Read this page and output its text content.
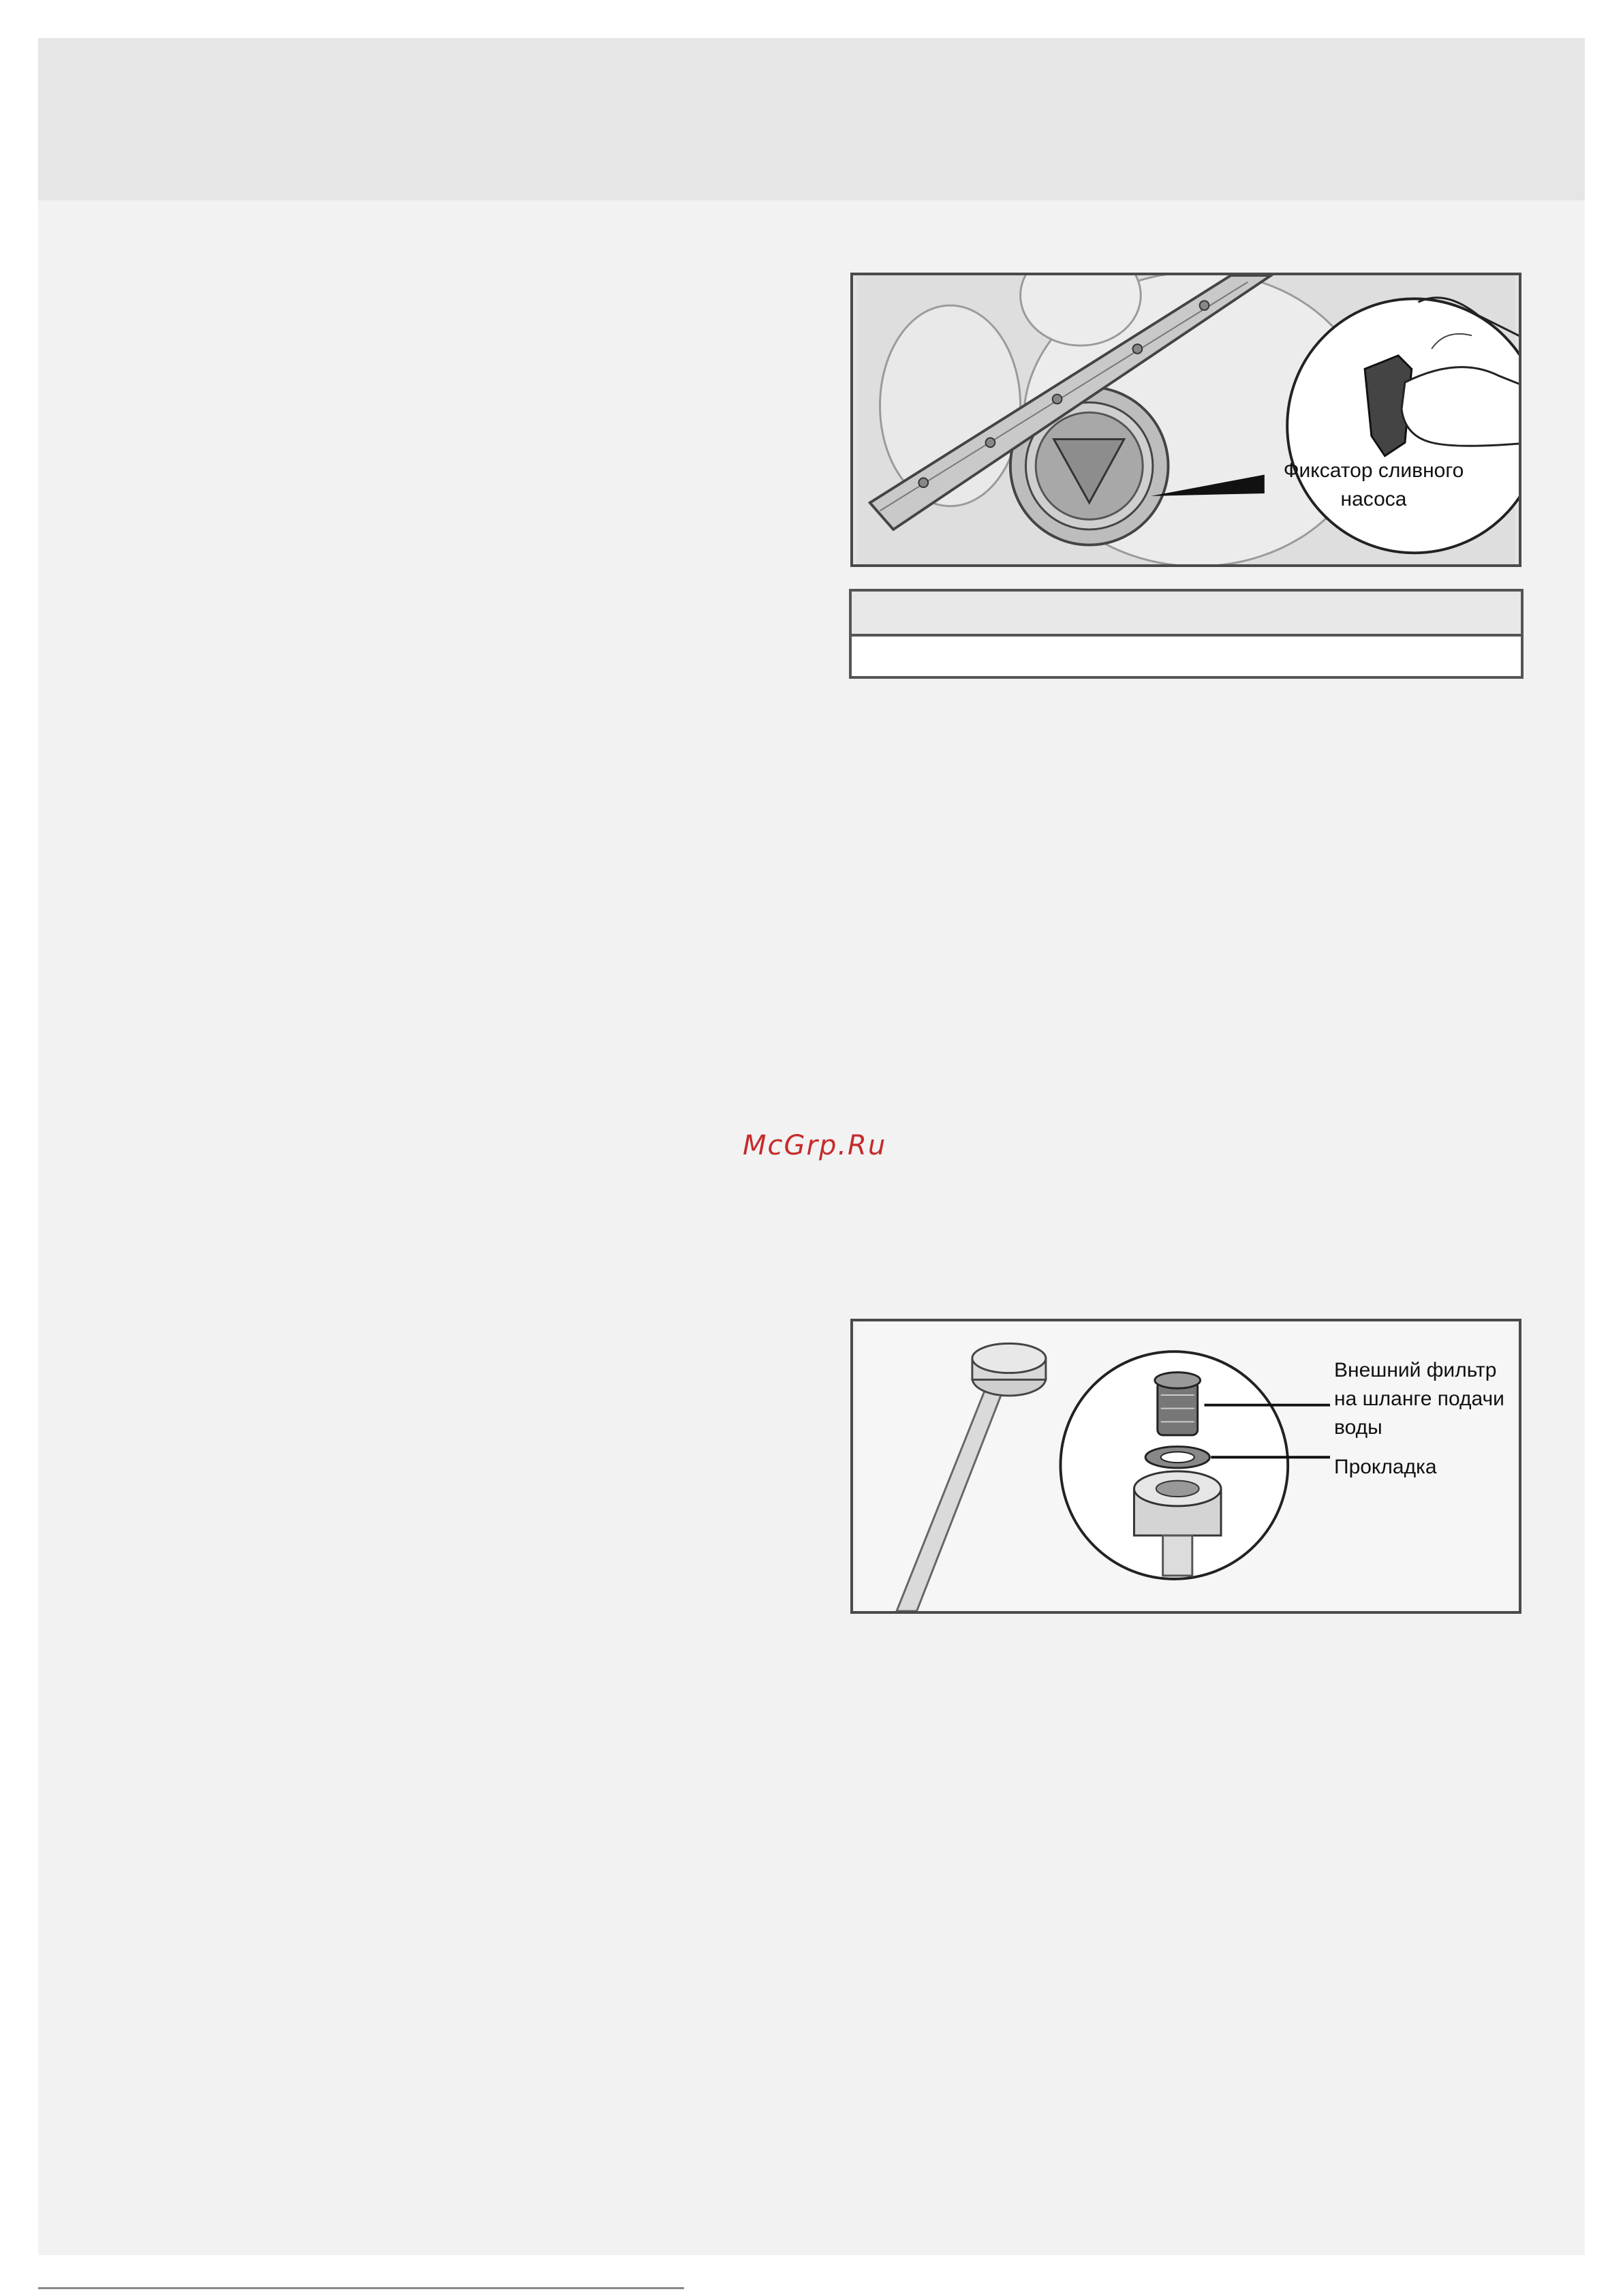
Фиксатор сливного насоса
McGrp.Ru
Внешний фильтр на шланге подачи воды
Прокладка
